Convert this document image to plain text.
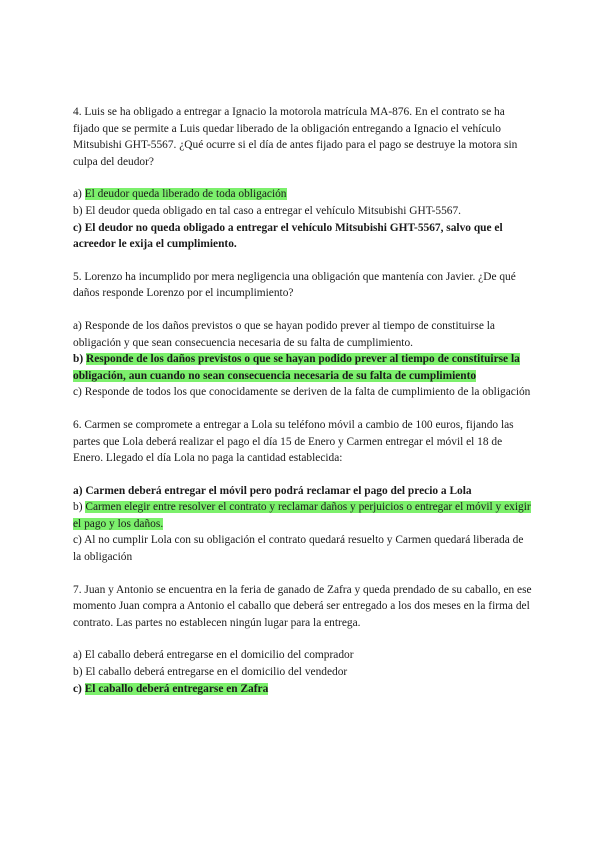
4. Luis se ha obligado a entregar a Ignacio la motorola matrícula MA-876. En el contrato se ha fijado que se permite a Luis quedar liberado de la obligación entregando a Ignacio el vehículo Mitsubishi GHT-5567. ¿Qué ocurre si el día de antes fijado para el pago se destruye la motora sin culpa del deudor?

a) El deudor queda liberado de toda obligación

b) El deudor queda obligado en tal caso a entregar el vehículo Mitsubishi GHT-5567.

c) El deudor no queda obligado a entregar el vehículo Mitsubishi GHT-5567, salvo que el acreedor le exija el cumplimiento.

5. Lorenzo ha incumplido por mera negligencia una obligación que mantenía con Javier. ¿De qué daños responde Lorenzo por el incumplimiento?

a) Responde de los daños previstos o que se hayan podido prever al tiempo de constituirse la obligación y que sean consecuencia necesaria de su falta de cumplimiento.

b) Responde de los daños previstos o que se hayan podido prever al tiempo de constituirse la obligación, aun cuando no sean consecuencia necesaria de su falta de cumplimiento

c) Responde de todos los que conocidamente se deriven de la falta de cumplimiento de la obligación

6. Carmen se compromete a entregar a Lola su teléfono móvil a cambio de 100 euros, fijando las partes que Lola deberá realizar el pago el día 15 de Enero y Carmen entregar el móvil el 18 de Enero. Llegado el día Lola no paga la cantidad establecida:

a) Carmen deberá entregar el móvil pero podrá reclamar el pago del precio a Lola

b) Carmen elegir entre resolver el contrato y reclamar daños y perjuicios o entregar el móvil y exigir el pago y los daños.

c) Al no cumplir Lola con su obligación el contrato quedará resuelto y Carmen quedará liberada de la obligación

7. Juan y Antonio se encuentra en la feria de ganado de Zafra y queda prendado de su caballo, en ese momento Juan compra a Antonio el caballo que deberá ser entregado a los dos meses en la firma del contrato. Las partes no establecen ningún lugar para la entrega.

a) El caballo deberá entregarse en el domicilio del comprador

b) El caballo deberá entregarse en el domicilio del vendedor

c) El caballo deberá entregarse en Zafra
